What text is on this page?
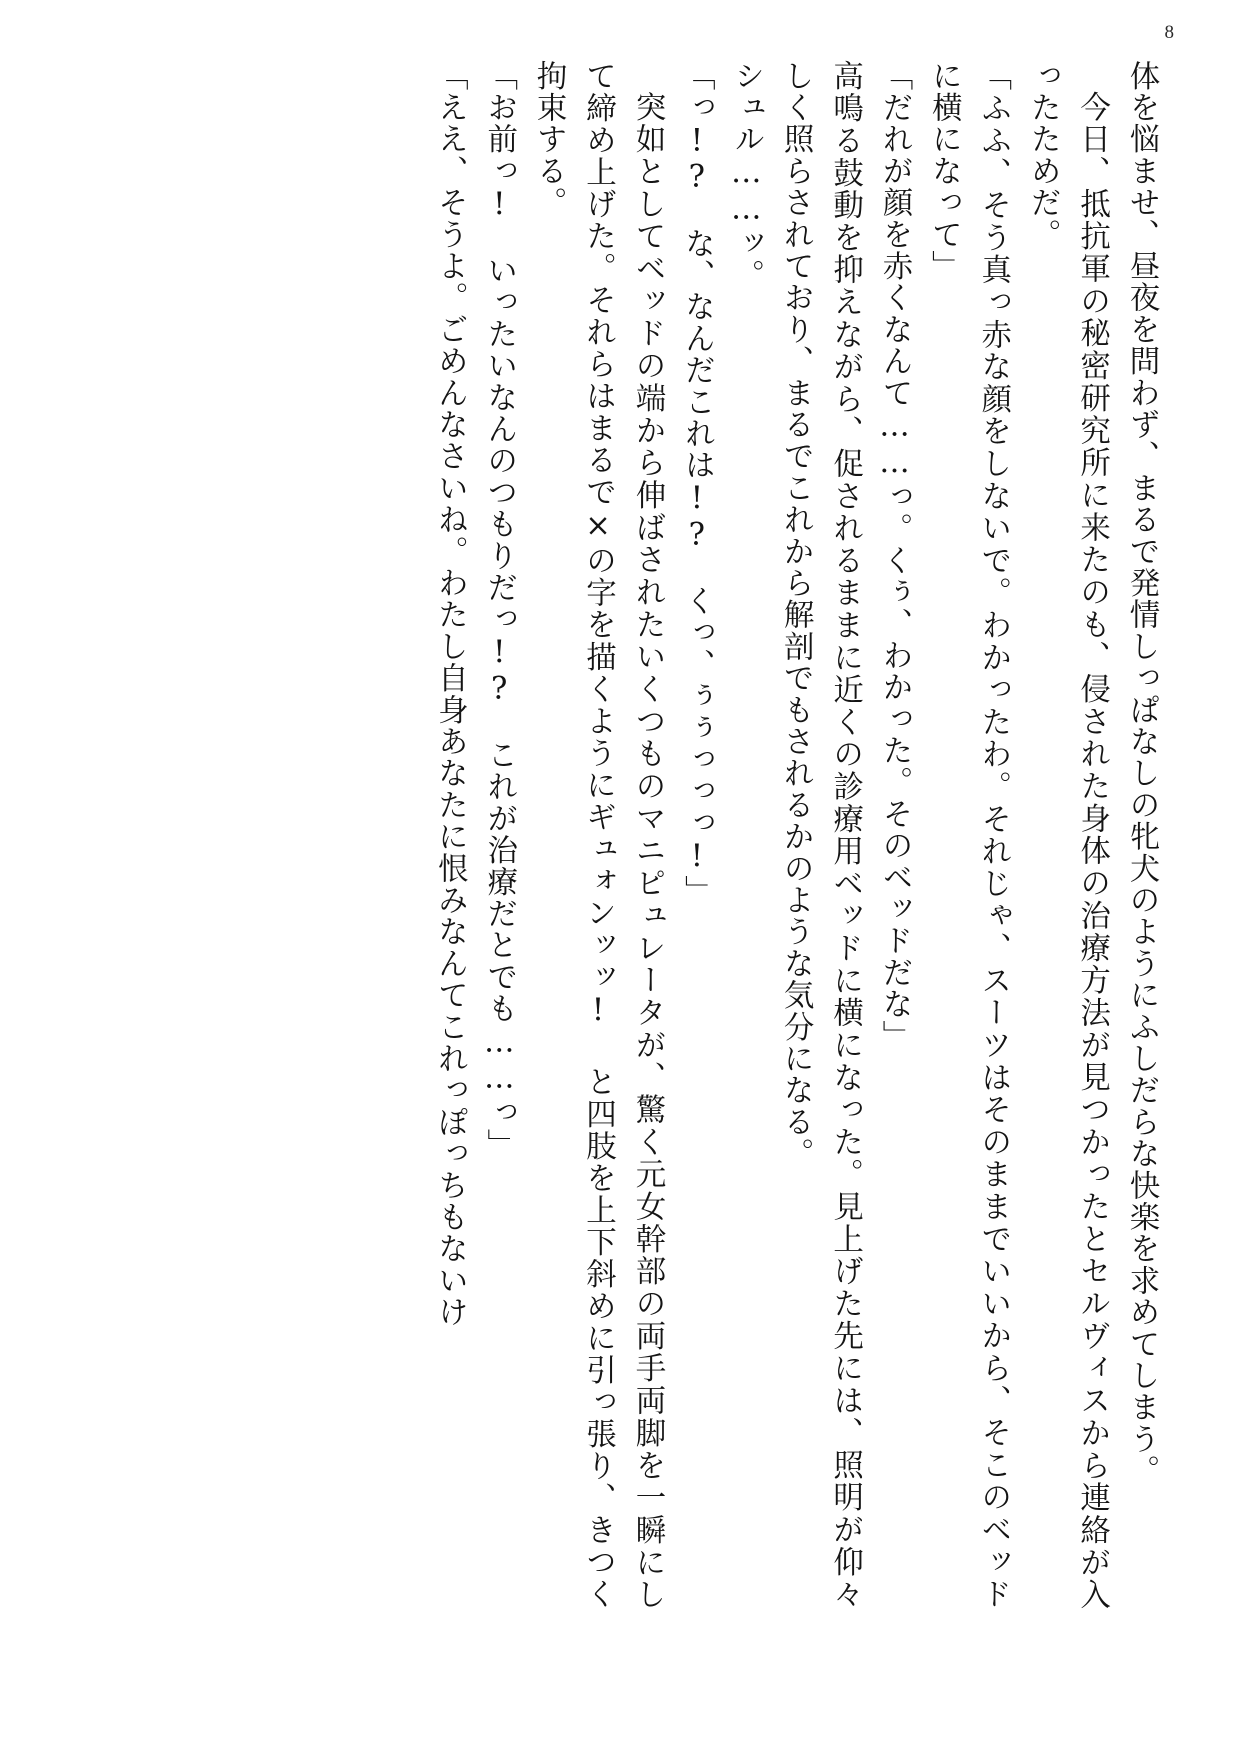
8

体を悩ませ、昼夜を問わず、まるで発情しっぱなしの牝犬のようにふしだらな快楽を求めてしまう。

今日、抵抗軍の秘密研究所に来たのも、侵された身体の治療方法が見つかったとセルヴィスから連絡が入ったためだ。

「ふふ、そう真っ赤な顔をしないで。わかったわ。それじゃ、スーツはそのままでいいから、そこのベッドに横になって」

「だれが顔を赤くなんて……っ。くぅ、わかった。そのベッドだな」

高鳴る鼓動を抑えながら、促されるままに近くの診療用ベッドに横になった。見上げた先には、照明が仰々しく照らされており、まるでこれから解剖でもされるかのような気分になる。

シュル……ッ。

「っ!?　な、なんだこれは!?　くっ、ぅぅっっっ!」

突如としてベッドの端から伸ばされたいくつものマニピュレータが、驚く元女幹部の両手両脚を一瞬にして締め上げた。それらはまるで×の字を描くようにギュォンッッ! と四肢を上下斜めに引っ張り、きつく拘束する。

「お前っ!　いったいなんのつもりだっ!?　これが治療だとでも……っ」

「ええ、そうよ。ごめんなさいね。わたし自身あなたに恨みなんてこれっぽっちもないけ
